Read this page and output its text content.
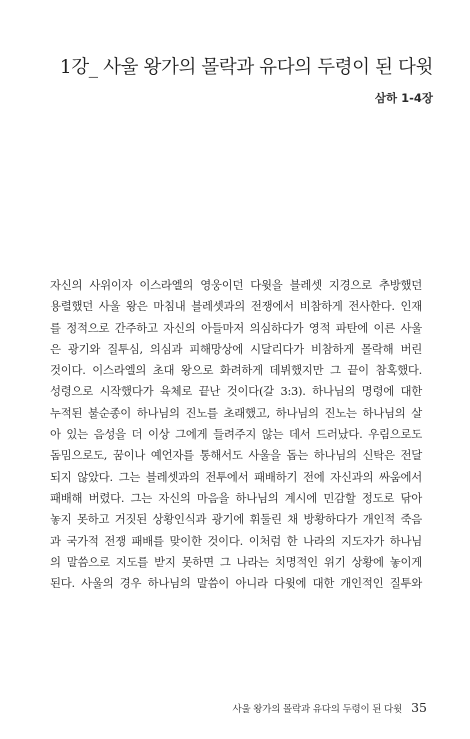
1강_ 사울 왕가의 몰락과 유다의 두령이 된 다윗
삼하 1-4장
자신의 사위이자 이스라엘의 영웅이던 다윗을 블레셋 지경으로 추방했던
용렬했던 사울 왕은 마침내 블레셋과의 전쟁에서 비참하게 전사한다. 인재
를 정적으로 간주하고 자신의 아들마저 의심하다가 영적 파탄에 이른 사울
은 광기와 질투심, 의심과 피해망상에 시달리다가 비참하게 몰락해 버린
것이다. 이스라엘의 초대 왕으로 화려하게 데뷔했지만 그 끝이 참혹했다.
성령으로 시작했다가 육체로 끝난 것이다(갈 3:3). 하나님의 명령에 대한
누적된 불순종이 하나님의 진노를 초래했고, 하나님의 진노는 하나님의 살
아 있는 음성을 더 이상 그에게 들려주지 않는 데서 드러났다. 우림으로도
돔밈으로도, 꿈이나 예언자를 통해서도 사울을 돕는 하나님의 신탁은 전달
되지 않았다. 그는 블레셋과의 전투에서 패배하기 전에 자신과의 싸움에서
패배해 버렸다. 그는 자신의 마음을 하나님의 계시에 민감할 정도로 닦아
놓지 못하고 거짓된 상황인식과 광기에 휘둘린 채 방황하다가 개인적 죽음
과 국가적 전쟁 패배를 맞이한 것이다. 이처럼 한 나라의 지도자가 하나님
의 말씀으로 지도를 받지 못하면 그 나라는 치명적인 위기 상황에 놓이게
된다. 사울의 경우 하나님의 말씀이 아니라 다윗에 대한 개인적인 질투와
사울 왕가의 몰락과 유다의 두령이 된 다윗 35
